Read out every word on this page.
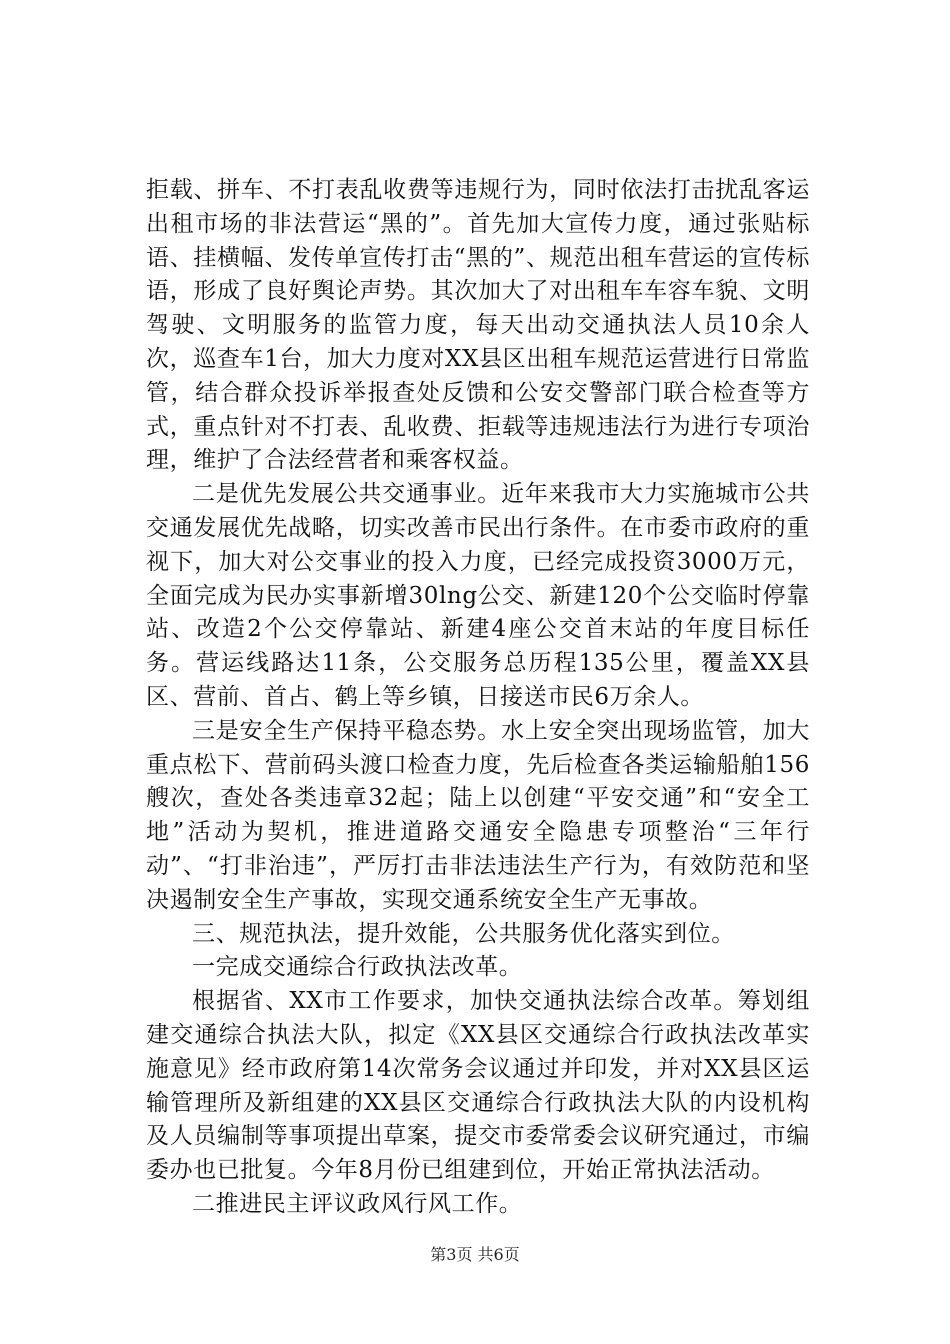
拒载、拼车、不打表乱收费等违规行为，同时依法打击扰乱客运出租市场的非法营运“黑的”。首先加大宣传力度，通过张贴标语、挂横幅、发传单宣传打击“黑的”、规范出租车营运的宣传标语，形成了良好舆论声势。其次加大了对出租车车容车貌、文明驾驶、文明服务的监管力度，每天出动交通执法人员10余人次，巡查车1台，加大力度对XX县区出租车规范运营进行日常监管，结合群众投诉举报查处反馈和公安交警部门联合检查等方式，重点针对不打表、乱收费、拒载等违规违法行为进行专项治理，维护了合法经营者和乘客权益。

二是优先发展公共交通事业。近年来我市大力实施城市公共交通发展优先战略，切实改善市民出行条件。在市委市政府的重视下，加大对公交事业的投入力度，已经完成投资3000万元，全面完成为民办实事新增30lng公交、新建120个公交临时停靠站、改造2个公交停靠站、新建4座公交首末站的年度目标任务。营运线路达11条，公交服务总历程135公里，覆盖XX县区、营前、首占、鹤上等乡镇，日接送市民6万余人。

三是安全生产保持平稳态势。水上安全突出现场监管，加大重点松下、营前码头渡口检查力度，先后检查各类运输船舶156艘次，查处各类违章32起；陆上以创建“平安交通”和“安全工地”活动为契机，推进道路交通安全隐患专项整治“三年行动”、“打非治违”，严厉打击非法违法生产行为，有效防范和坚决遏制安全生产事故，实现交通系统安全生产无事故。

三、规范执法，提升效能，公共服务优化落实到位。

一完成交通综合行政执法改革。

根据省、XX市工作要求，加快交通执法综合改革。筹划组建交通综合执法大队，拟定《XX县区交通综合行政执法改革实施意见》经市政府第14次常务会议通过并印发，并对XX县区运输管理所及新组建的XX县区交通综合行政执法大队的内设机构及人员编制等事项提出草案，提交市委常委会议研究通过，市编委办也已批复。今年8月份已组建到位，开始正常执法活动。

二推进民主评议政风行风工作。

第3页 共6页
